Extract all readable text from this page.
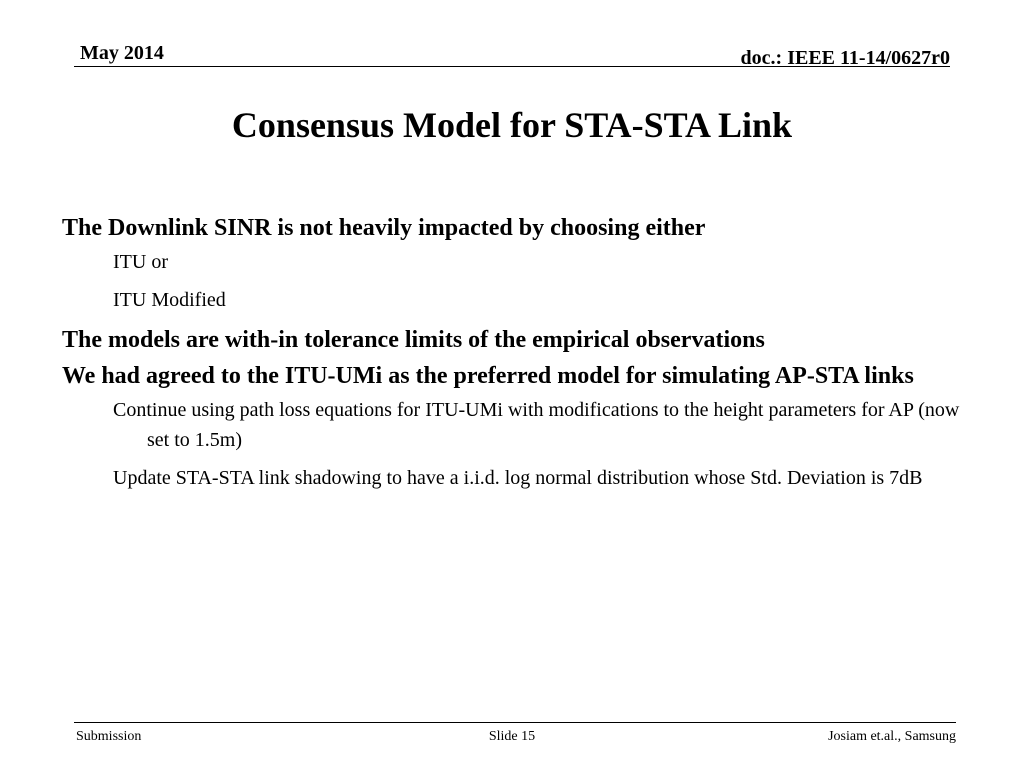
May 2014	doc.: IEEE 11-14/0627r0
Consensus Model for STA-STA Link
The Downlink SINR is not heavily impacted by choosing either
ITU or
ITU Modified
The models are with-in tolerance limits of the empirical observations
We had agreed to the ITU-UMi as the preferred model for simulating AP-STA links
Continue using path loss equations for ITU-UMi with modifications to the height parameters for AP (now set to 1.5m)
Update STA-STA link shadowing to have a i.i.d. log normal distribution whose Std. Deviation is 7dB
Submission	Slide 15	Josiam et.al., Samsung
